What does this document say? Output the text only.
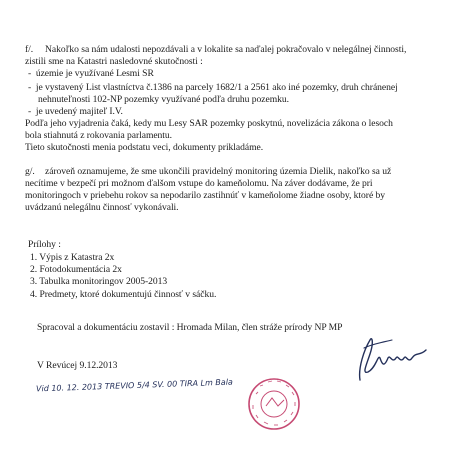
f/. Nakoľko sa nám udalosti nepozdávali a v lokalite sa naďalej pokračovalo v nelegálnej činnosti,
zistili sme na Katastri nasledovné skutočnosti :
-  územie je využívané Lesmi SR
-  je vystavený List vlastníctva č.1386 na parcely 1682/1 a 2561 ako iné pozemky, druh chránenej
nehnuteľnosti 102-NP pozemky využívané podľa druhu pozemku.
-  je uvedený majiteľ I.V.
Podľa jeho vyjadrenia čaká, kedy mu Lesy SAR pozemky poskytnú, novelizácia zákona o lesoch
bola stiahnutá z rokovania parlamentu.
Tieto skutočnosti menia podstatu veci, dokumenty prikladáme.
g/. zároveň oznamujeme, že sme ukončili pravidelný monitoring územia Dielik, nakoľko sa už
necítime v bezpečí pri možnom ďalšom vstupe do kameňolomu. Na záver dodávame, že pri
monitoringoch v priebehu rokov sa nepodarilo zastihnúť v kameňolome žiadne osoby, ktoré by
uvádzanú nelegálnu činnosť vykonávali.
Prílohy :
1. Výpis z Katastra 2x
2. Fotodokumentácia 2x
3. Tabulka monitoringov 2005-2013
4. Predmety, ktoré dokumentujú činnosť v sáčku.
Spracoval a dokumentáciu zostavil : Hromada Milan, člen stráže prírody NP MP
V Revúcej 9.12.2013
Vid 10. 12. 2013 TREVIO 5/4 SV. 00 TIRA Lm Bala
